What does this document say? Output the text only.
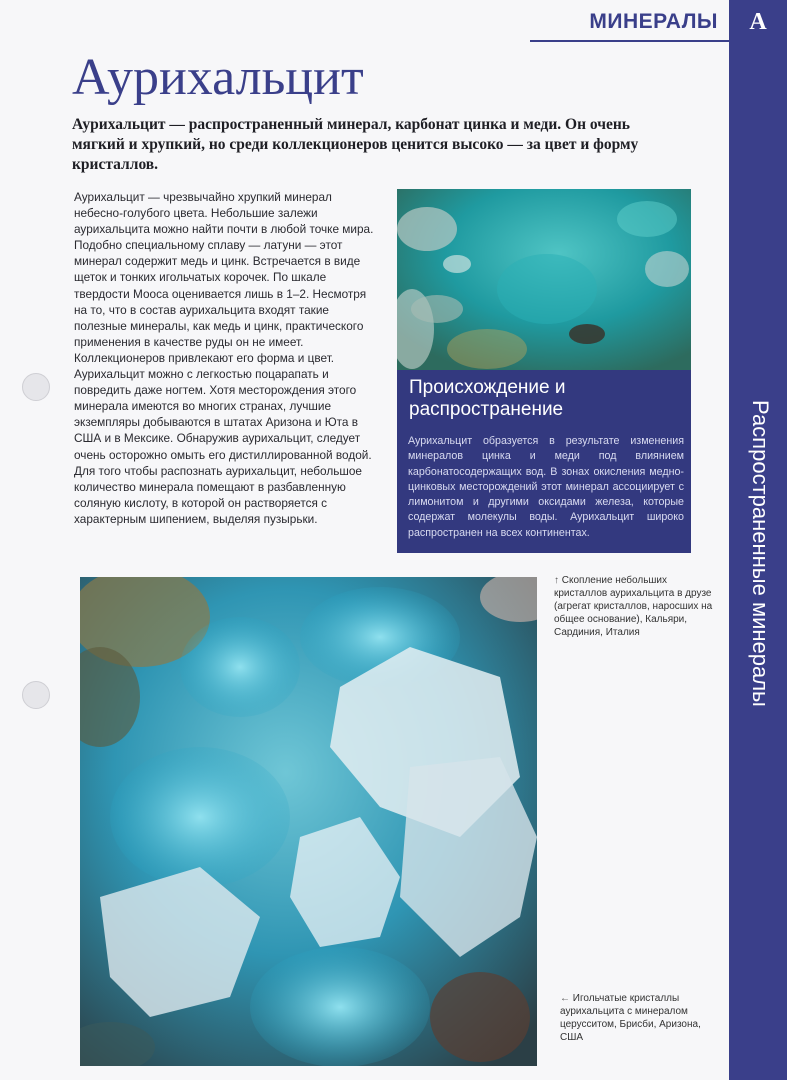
А
Распространенные минералы
МИНЕРАЛЫ
Аурихальцит
Аурихальцит — распространенный минерал, карбонат цинка и меди. Он очень мягкий и хрупкий, но среди коллекционеров ценится высоко — за цвет и форму кристаллов.
Аурихальцит — чрезвычайно хрупкий минерал небесно-голубого цвета. Небольшие залежи аурихальцита можно найти почти в любой точке мира. Подобно специальному сплаву — латуни — этот минерал содержит медь и цинк. Встречается в виде щеток и тонких игольчатых корочек. По шкале твердости Мооса оценивается лишь в 1–2. Несмотря на то, что в состав аурихальцита входят такие полезные минералы, как медь и цинк, практического применения в качестве руды он не имеет. Коллекционеров привлекают его форма и цвет. Аурихальцит можно с легкостью поцарапать и повредить даже ногтем. Хотя месторождения этого минерала имеются во многих странах, лучшие экземпляры добываются в штатах Аризона и Юта в США и в Мексике. Обнаружив аурихальцит, следует очень осторожно омыть его дистиллированной водой. Для того чтобы распознать аурихальцит, небольшое количество минерала помещают в разбавленную соляную кислоту, в которой он растворяется с характерным шипением, выделяя пузырьки.
Происхождение и распространение
Аурихальцит образуется в результате изменения минералов цинка и меди под влиянием карбонатосодержащих вод. В зонах окисления медно-цинковых месторождений этот минерал ассоциирует с лимонитом и другими оксидами железа, которые содержат молекулы воды. Аурихальцит широко распространен на всех континентах.
↑ Скопление небольших кристаллов аурихальцита в друзе (агрегат кристаллов, наросших на общее основание), Кальяри, Сардиния, Италия
← Игольчатые кристаллы аурихальцита с минералом церусситом, Брисби, Аризона, США
